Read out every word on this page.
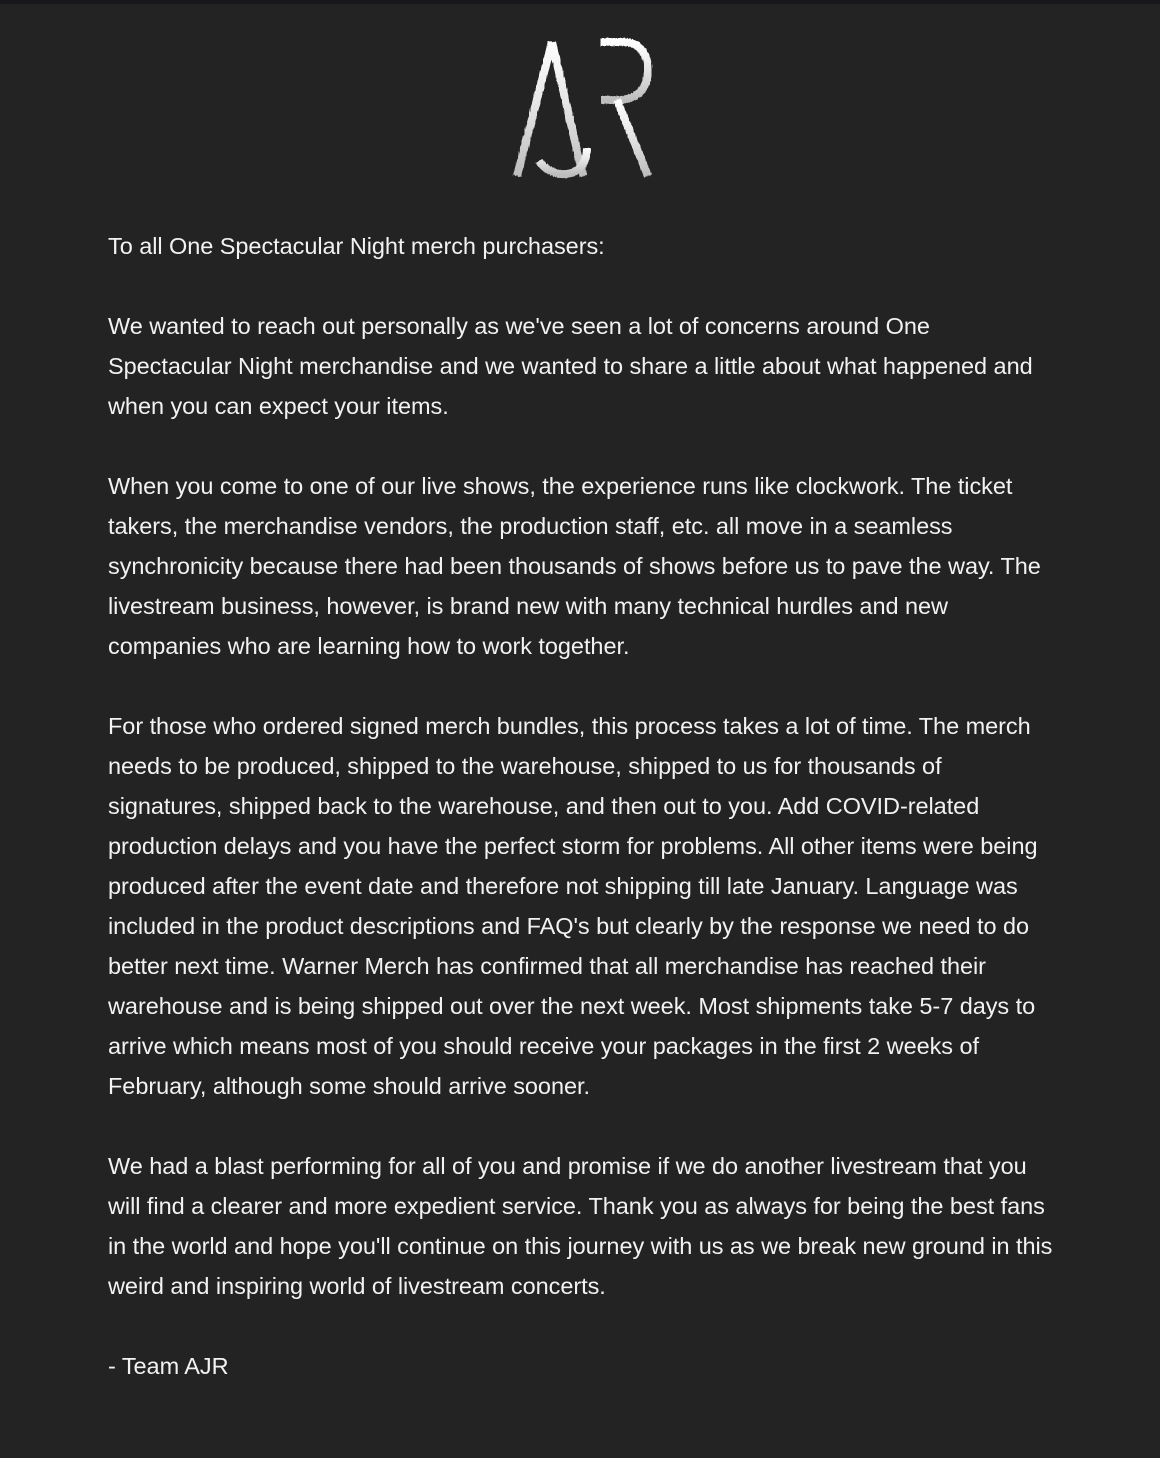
To all One Spectacular Night merch purchasers:

We wanted to reach out personally as we've seen a lot of concerns around One Spectacular Night merchandise and we wanted to share a little about what happened and when you can expect your items.

When you come to one of our live shows, the experience runs like clockwork. The ticket takers, the merchandise vendors, the production staff, etc. all move in a seamless synchronicity because there had been thousands of shows before us to pave the way. The livestream business, however, is brand new with many technical hurdles and new companies who are learning how to work together.

For those who ordered signed merch bundles, this process takes a lot of time. The merch needs to be produced, shipped to the warehouse, shipped to us for thousands of signatures, shipped back to the warehouse, and then out to you. Add COVID-related production delays and you have the perfect storm for problems. All other items were being produced after the event date and therefore not shipping till late January. Language was included in the product descriptions and FAQ's but clearly by the response we need to do better next time. Warner Merch has confirmed that all merchandise has reached their warehouse and is being shipped out over the next week. Most shipments take 5-7 days to arrive which means most of you should receive your packages in the first 2 weeks of February, although some should arrive sooner.

We had a blast performing for all of you and promise if we do another livestream that you will find a clearer and more expedient service. Thank you as always for being the best fans in the world and hope you'll continue on this journey with us as we break new ground in this weird and inspiring world of livestream concerts.

- Team AJR
